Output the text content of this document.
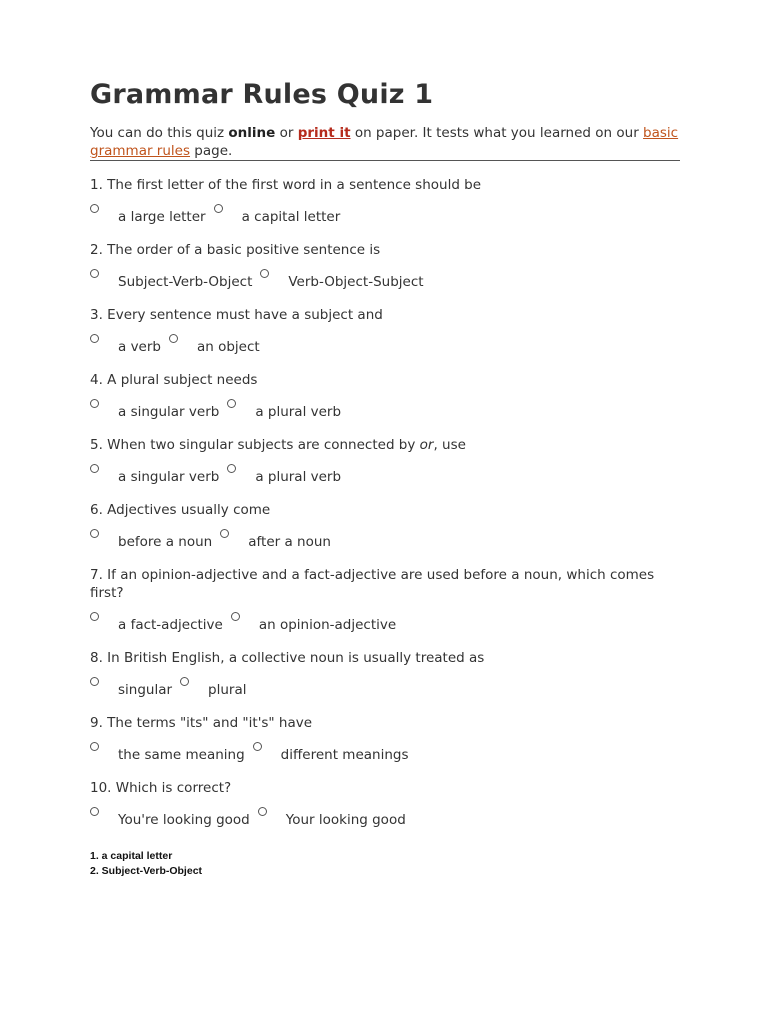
Grammar Rules Quiz 1
You can do this quiz online or print it on paper. It tests what you learned on our basic grammar rules page.
1. The first letter of the first word in a sentence should be
a large letter	a capital letter
2. The order of a basic positive sentence is
Subject-Verb-Object	Verb-Object-Subject
3. Every sentence must have a subject and
a verb	an object
4. A plural subject needs
a singular verb	a plural verb
5. When two singular subjects are connected by or, use
a singular verb	a plural verb
6. Adjectives usually come
before a noun	after a noun
7. If an opinion-adjective and a fact-adjective are used before a noun, which comes first?
a fact-adjective	an opinion-adjective
8. In British English, a collective noun is usually treated as
singular	plural
9. The terms "its" and "it's" have
the same meaning	different meanings
10. Which is correct?
You're looking good	Your looking good
1. a capital letter
2. Subject-Verb-Object
